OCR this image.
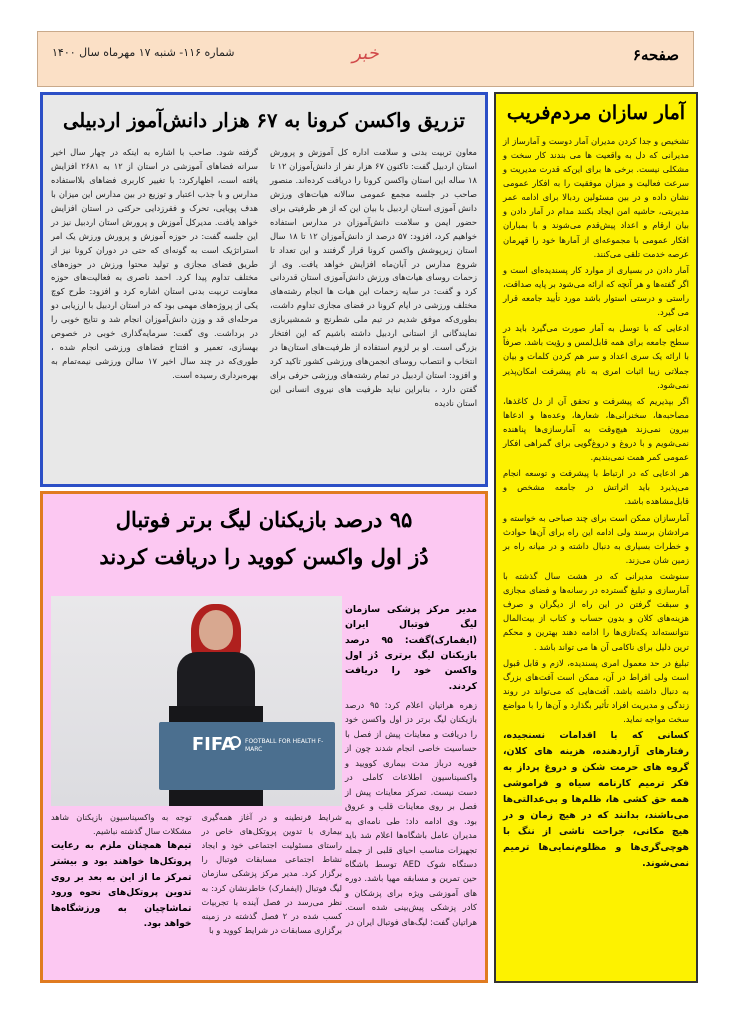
صفحه۶
خبر
شماره ۱۱۶- شنبه ۱۷ مهرماه سال ۱۴۰۰
آمار سازان مردم‌فریب

تشخیص و جدا کردن مدیران آمار دوست و آمارساز از مدیرانی که دل به واقعیت ها می بندند کار سخت و مشکلی نیست. برخی ها برای این‌که قدرت مدیریت و سرعت فعالیت و میزان موفقیت را به افکار عمومی نشان داده و در بین مسئولین ردبالا برای ادامه عمر مدیریتی، حاشیه امن ایجاد بکنند مدام در آمار دادن و بیان ارقام و اعداد پیش‌قدم می‌شوند و با بمباران افکار عمومی با مجموعه‌ای از آمارها خود را قهرمان عرصه خدمت تلقی می‌کنند.

آمار دادن در بسیاری از موارد کار پسندیده‌ای است و اگر گفته‌ها و هر آنچه که ارائه می‌شود بر پایه صداقت، راستی و درستی استوار باشد مورد تأیید جامعه قرار می گیرد.

ادعایی که با توسل به آمار صورت می‌گیرد باید در سطح جامعه برای همه قابل‌لمس و رؤیت باشد. صرفاً با ارائه یک سری اعداد و سر هم کردن کلمات و بیان جملاتی زیبا اثبات امری به نام پیشرفت امکان‌پذیر نمی‌شود.

اگر بپذیریم که پیشرفت و تحقق آن از دل کاغذها، مصاحبه‌ها، سخنرانی‌ها، شعارها، وعده‌ها و ادعاها بیرون نمی‌زند هیچ‌وقت به آمارسازی‌ها پناهنده نمی‌شویم و با دروغ و دروغ‌گویی برای گمراهی افکار عمومی کمر همت نمی‌بندیم.

هر ادعایی که در ارتباط با پیشرفت و توسعه انجام می‌پذیرد باید اثراتش در جامعه مشخص و قابل‌مشاهده باشد.

آمارسازان ممکن است برای چند صباحی به خواسته و مرادشان برسند ولی ادامه این راه برای آن‌ها حوادث و خطرات بسیاری به دنبال داشته و در میانه راه بر زمین شان می‌زند.

سنوشت مدیرانی که در هشت سال گذشته با آمارسازی و تبلیغ گسترده در رسانه‌ها و فضای مجازی و سبقت گرفتن در این راه از دیگران و صرف هزینه‌های کلان و بدون حساب و کتاب از بیت‌المال نتوانسته‌اند یکه‌تازی‌ها را ادامه دهند بهترین و محکم ترین دلیل برای ناکامی آن ها می تواند باشد .

تبلیغ در حد معمول امری پسندیده، لازم و قابل قبول است ولی افراط در آن، ممکن است آفت‌های بزرگ به دنبال داشته باشد. آفت‌هایی که می‌تواند در روند زندگی و مدیریت افراد تأثیر بگذارد و آن‌ها را با مواضع سخت مواجه نماید.

کسانی که با اقدامات نسنجیده، رفتارهای آزاردهنده، هزینه های کلان، گروه های حرمت شکن و دروغ پرداز به فکر ترمیم کارنامه سیاه و فراموشی همه حق کشی ها، ظلم‌ها و بی‌عدالتی‌ها می‌باشند، بدانند که در هیچ زمان و در هیچ مکانی، جراحت ناشی از ننگ با هوچی‌گری‌ها و مظلوم‌نمایی‌ها ترمیم نمی‌شوند.

تزریق واکسن کرونا به ۶۷ هزار دانش‌آموز اردبیلی

معاون تربیت بدنی و سلامت اداره کل آموزش و پرورش استان اردبیل گفت: تاکنون ۶۷ هزار نفر از دانش‌آموزان ۱۲ تا ۱۸ ساله این استان واکسن کرونا را دریافت کرده‌اند. منصور صاحب در جلسه مجمع عمومی سالانه هیات‌های ورزش دانش آموزی استان اردبیل با بیان این که از هر ظرفیتی برای حضور ایمن و سلامت دانش‌آموزان در مدارس استفاده خواهیم کرد، افزود: ۵۷ درصد از دانش‌آموزان ۱۲ تا ۱۸ سال استان زیرپوشش واکسن کرونا قرار گرفتند و این تعداد تا شروع مدارس در آبان‌ماه افزایش خواهد یافت. وی از زحمات روسای هیات‌های ورزش دانش‌آموزی استان قدردانی کرد و گفت: در سایه زحمات این هیات ها انجام رشته‌های مختلف ورزشی در ایام کرونا در فضای مجازی تداوم داشت، بطوری‌که موفق شدیم در تیم ملی شطرنج و شمشیربازی نمایندگانی از استانی اردبیل داشته باشیم که این افتخار بزرگی است. او بر لزوم استفاده از ظرفیت‌های استان‌ها در انتخاب و انتصاب روسای انجمن‌های ورزشی کشور تاکید کرد و افزود: استان اردبیل در تمام رشته‌های ورزشی حرفی برای گفتن دارد ، بنابراین نباید ظرفیت های نیروی انسانی این استان نادیده

گرفته شود. صاحب با اشاره به اینکه در چهار سال اخیر سرانه فضاهای آموزشی در استان از ۱۲ به ۲۶۸۱ افزایش یافته است، اظهارکرد: با تغییر کاربری فضاهای بلااستفاده مدارس و با جذب اعتبار و توزیع در بین مدارس این میزان با هدف پویایی، تحرک و فقرزدایی حرکتی در استان افزایش خواهد یافت. مدیرکل آموزش و پرورش استان اردبیل نیز در این جلسه گفت: در حوزه آموزش و پرورش ورزش یک امر استراتژیک است به گونه‌ای که حتی در دوران کرونا نیز از طریق فضای مجازی و تولید محتوا ورزش در حوزه‌های مختلف تداوم پیدا کرد. احمد ناصری به فعالیت‌های حوزه معاونت تربیت بدنی استان اشاره کرد و افزود: طرح کوچ یکی از پروژه‌های مهمی بود که در استان اردبیل با ارزیابی دو مرحله‌ای قد و وزن دانش‌آموزان انجام شد و نتایج خوبی را در برداشت. وی گفت: سرمایه‌گذاری خوبی در خصوص بهسازی، تعمیر و افتتاح فضاهای ورزشی انجام شده ، طوری‌که در چند سال اخیر ۱۷ سالن ورزشی نیمه‌تمام به بهره‌برداری رسیده است.

۹۵ درصد بازیکنان لیگ برتر فوتبال
دُز اول واکسن کووید را دریافت کردند
FIFA FOOTBALL FOR HEALTH F-MARC

مدیر مرکز پزشکی سازمان لیگ فوتبال ایران (ایفمارک)گفت: ۹۵ درصد بازیکنان لیگ برتری دُز اول واکسن خود را دریافت کردند.

زهره هراتیان اعلام کرد: ۹۵ درصد بازیکنان لیگ برتر دز اول واکسن خود را دریافت و معاینات پیش از فصل با حساسیت خاصی انجام شدند چون از فوریه درباز مدت بیماری کوویید و واکسیناسیون اطلاعات کاملی در دست نیست. تمرکز معاینات پیش از فصل بر روی معاینات قلب و عروق بود. وی ادامه داد: طی نامه‌ای به مدیران عامل باشگاه‌ها اعلام شد باید تجهیزات مناسب احیای قلبی از جمله دستگاه شوک AED توسط باشگاه حین تمرین و مسابقه مهیا باشد. دوره های آموزشی ویژه برای پزشکان و کادر پزشکی پیش‌بینی شده است. هراتیان گفت: لیگ‌های فوتبال ایران در

شرایط قرنطینه و در آغاز همه‌گیری بیماری با تدوین پروتکل‌های خاص در راستای مسئولیت اجتماعی خود و ایجاد نشاط اجتماعی مسابقات فوتبال را برگزار کرد. مدیر مرکز پزشکی سازمان لیگ فوتبال (ایفمارک) خاطرنشان کرد: به نظر می‌رسد در فصل آینده با تجربیات کسب شده در ۲ فصل گذشته در زمینه برگزاری مسابقات در شرایط کووید و با

توجه به واکسیناسیون بازیکنان شاهد مشکلات سال گذشته نباشیم.

تیم‌ها همچنان ملزم به رعایت پروتکل‌ها خواهند بود و بیشتر تمرکز ما از این به بعد بر روی تدوین پروتکل‌های نحوه ورود تماشاچیان به ورزشگاه‌ها خواهد بود.
